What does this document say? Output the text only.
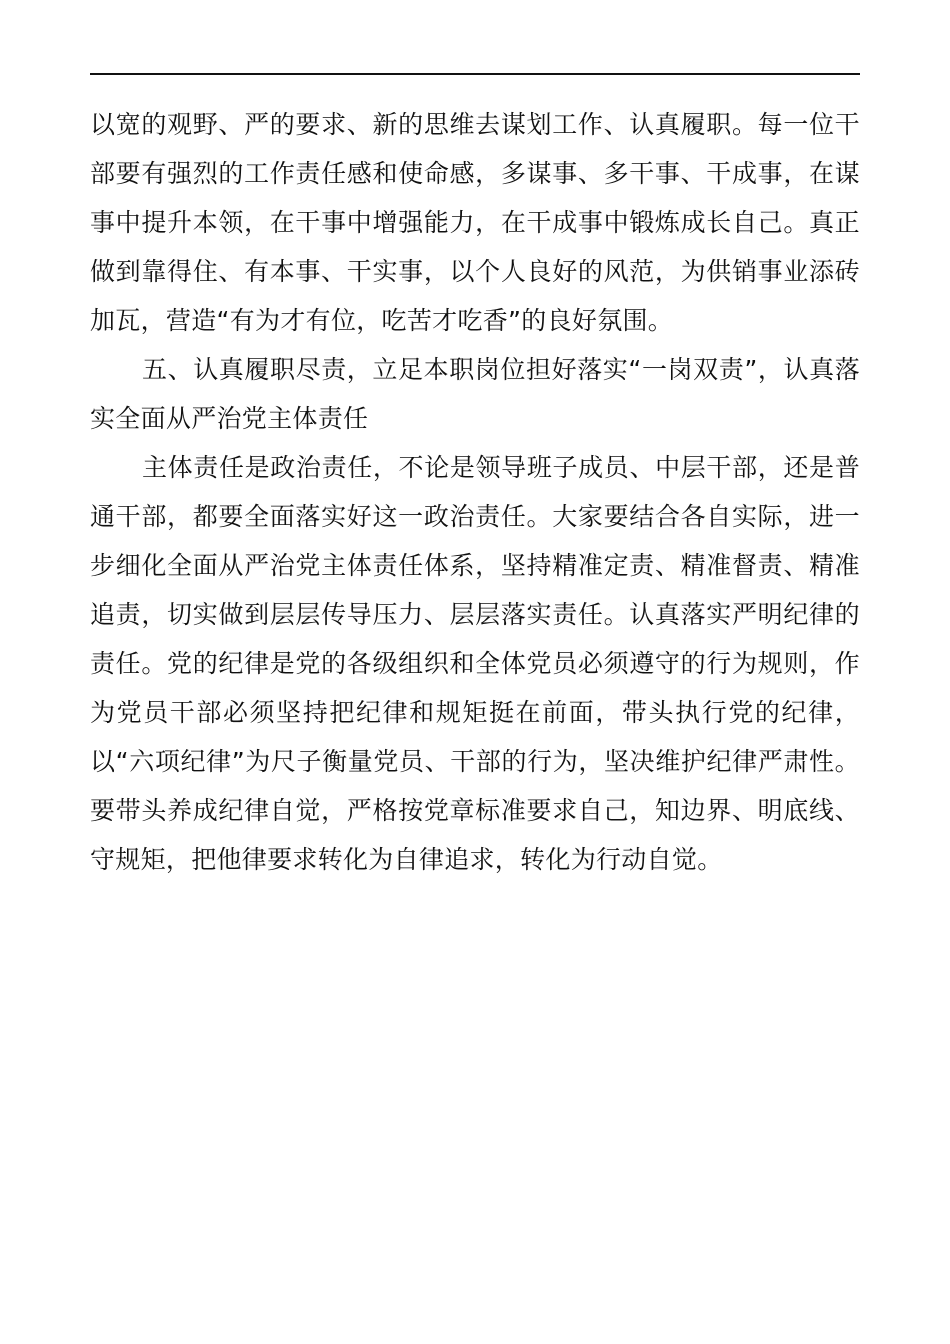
以宽的观野、严的要求、新的思维去谋划工作、认真履职。每一位干部要有强烈的工作责任感和使命感，多谋事、多干事、干成事，在谋事中提升本领，在干事中增强能力，在干成事中锻炼成长自己。真正做到靠得住、有本事、干实事，以个人良好的风范，为供销事业添砖加瓦，营造“有为才有位，吃苦才吃香”的良好氛围。

五、认真履职尽责，立足本职岗位担好落实“一岗双责”，认真落实全面从严治党主体责任

主体责任是政治责任，不论是领导班子成员、中层干部，还是普通干部，都要全面落实好这一政治责任。大家要结合各自实际，进一步细化全面从严治党主体责任体系，坚持精准定责、精准督责、精准追责，切实做到层层传导压力、层层落实责任。认真落实严明纪律的责任。党的纪律是党的各级组织和全体党员必须遵守的行为规则，作为党员干部必须坚持把纪律和规矩挺在前面，带头执行党的纪律，以“六项纪律”为尺子衡量党员、干部的行为，坚决维护纪律严肃性。要带头养成纪律自觉，严格按党章标准要求自己，知边界、明底线、守规矩，把他律要求转化为自律追求，转化为行动自觉。
